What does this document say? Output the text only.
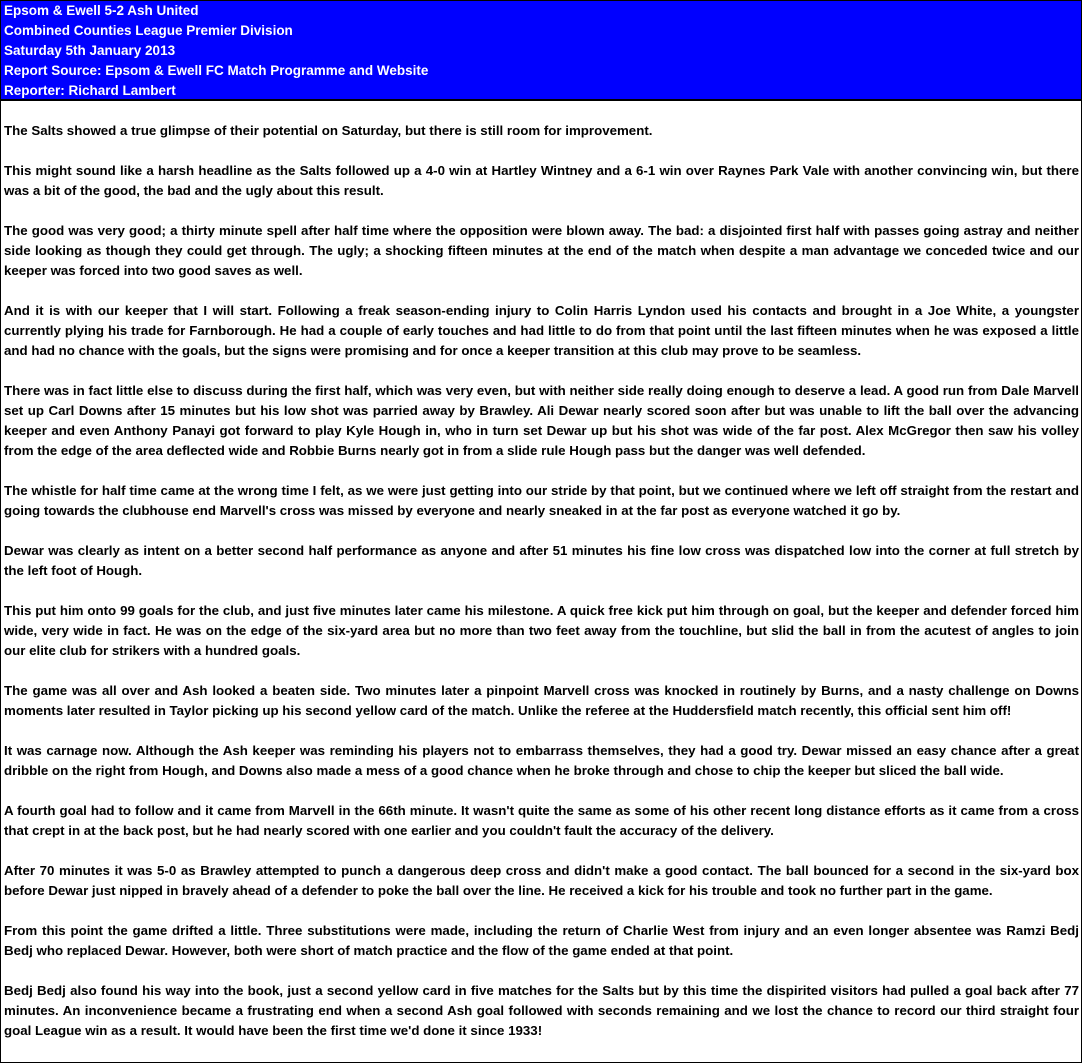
Epsom & Ewell 5-2 Ash United
Combined Counties League Premier Division
Saturday 5th January 2013
Report Source: Epsom & Ewell FC Match Programme and Website
Reporter: Richard Lambert

The Salts showed a true glimpse of their potential on Saturday, but there is still room for improvement.

This might sound like a harsh headline as the Salts followed up a 4-0 win at Hartley Wintney and a 6-1 win over Raynes Park Vale with another convincing win, but there was a bit of the good, the bad and the ugly about this result.

The good was very good; a thirty minute spell after half time where the opposition were blown away. The bad: a disjointed first half with passes going astray and neither side looking as though they could get through. The ugly; a shocking fifteen minutes at the end of the match when despite a man advantage we conceded twice and our keeper was forced into two good saves as well.

And it is with our keeper that I will start. Following a freak season-ending injury to Colin Harris Lyndon used his contacts and brought in a Joe White, a youngster currently plying his trade for Farnborough. He had a couple of early touches and had little to do from that point until the last fifteen minutes when he was exposed a little and had no chance with the goals, but the signs were promising and for once a keeper transition at this club may prove to be seamless.

There was in fact little else to discuss during the first half, which was very even, but with neither side really doing enough to deserve a lead. A good run from Dale Marvell set up Carl Downs after 15 minutes but his low shot was parried away by Brawley. Ali Dewar nearly scored soon after but was unable to lift the ball over the advancing keeper and even Anthony Panayi got forward to play Kyle Hough in, who in turn set Dewar up but his shot was wide of the far post. Alex McGregor then saw his volley from the edge of the area deflected wide and Robbie Burns nearly got in from a slide rule Hough pass but the danger was well defended.

The whistle for half time came at the wrong time I felt, as we were just getting into our stride by that point, but we continued where we left off straight from the restart and going towards the clubhouse end Marvell's cross was missed by everyone and nearly sneaked in at the far post as everyone watched it go by.

Dewar was clearly as intent on a better second half performance as anyone and after 51 minutes his fine low cross was dispatched low into the corner at full stretch by the left foot of Hough.

This put him onto 99 goals for the club, and just five minutes later came his milestone. A quick free kick put him through on goal, but the keeper and defender forced him wide, very wide in fact. He was on the edge of the six-yard area but no more than two feet away from the touchline, but slid the ball in from the acutest of angles to join our elite club for strikers with a hundred goals.

The game was all over and Ash looked a beaten side. Two minutes later a pinpoint Marvell cross was knocked in routinely by Burns, and a nasty challenge on Downs moments later resulted in Taylor picking up his second yellow card of the match. Unlike the referee at the Huddersfield match recently, this official sent him off!

It was carnage now. Although the Ash keeper was reminding his players not to embarrass themselves, they had a good try. Dewar missed an easy chance after a great dribble on the right from Hough, and Downs also made a mess of a good chance when he broke through and chose to chip the keeper but sliced the ball wide.

A fourth goal had to follow and it came from Marvell in the 66th minute. It wasn't quite the same as some of his other recent long distance efforts as it came from a cross that crept in at the back post, but he had nearly scored with one earlier and you couldn't fault the accuracy of the delivery.

After 70 minutes it was 5-0 as Brawley attempted to punch a dangerous deep cross and didn't make a good contact. The ball bounced for a second in the six-yard box before Dewar just nipped in bravely ahead of a defender to poke the ball over the line. He received a kick for his trouble and took no further part in the game.

From this point the game drifted a little. Three substitutions were made, including the return of Charlie West from injury and an even longer absentee was Ramzi Bedj Bedj who replaced Dewar. However, both were short of match practice and the flow of the game ended at that point.

Bedj Bedj also found his way into the book, just a second yellow card in five matches for the Salts but by this time the dispirited visitors had pulled a goal back after 77 minutes. An inconvenience became a frustrating end when a second Ash goal followed with seconds remaining and we lost the chance to record our third straight four goal League win as a result. It would have been the first time we'd done it since 1933!
